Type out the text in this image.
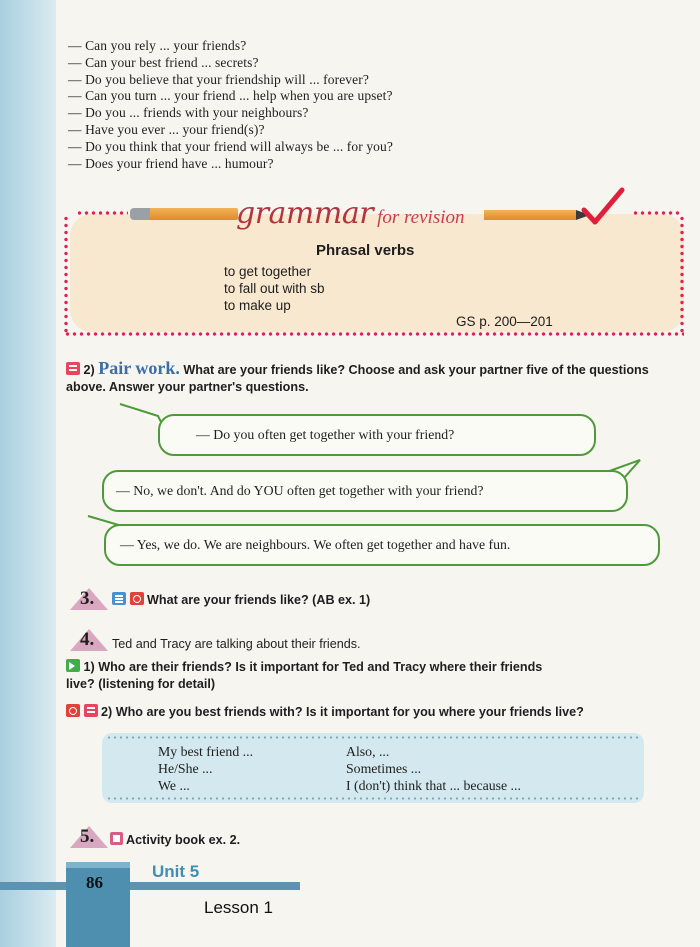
— Can you rely ... your friends?
— Can your best friend ... secrets?
— Do you believe that your friendship will ... forever?
— Can you turn ... your friend ... help when you are upset?
— Do you ... friends with your neighbours?
— Have you ever ... your friend(s)?
— Do you think that your friend will always be ... for you?
— Does your friend have ... humour?
grammar for revision
Phrasal verbs
to get together
to fall out with sb
to make up
GS p. 200—201
2) Pair work. What are your friends like? Choose and ask your partner five of the questions above. Answer your partner's questions.
— Do you often get together with your friend?
— No, we don't. And do YOU often get together with your friend?
— Yes, we do. We are neighbours. We often get together and have fun.
3.	What are your friends like? (AB ex. 1)
4. Ted and Tracy are talking about their friends.
1) Who are their friends? Is it important for Ted and Tracy where their friends
live? (listening for detail)
2) Who are you best friends with? Is it important for you where your friends live?
My best friend ...
He/She ...
We ...
Also, ...
Sometimes ...
I (don't) think that ... because ...
5.	Activity book ex. 2.
86
Unit 5
Lesson 1
